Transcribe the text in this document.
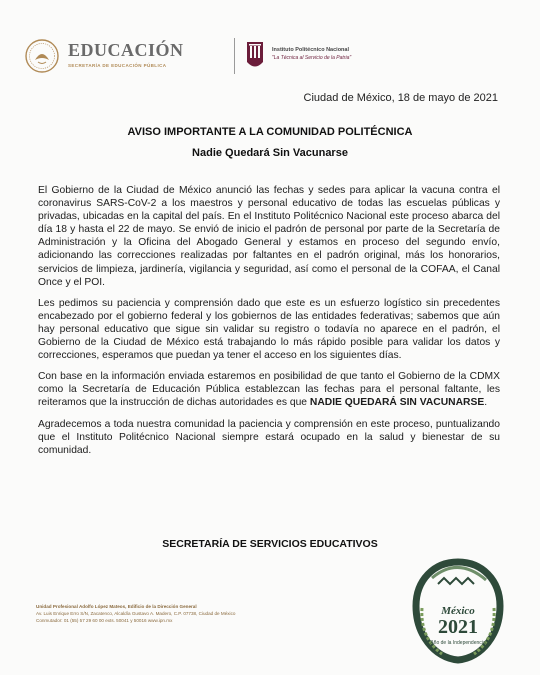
EDUCACIÓN
SECRETARÍA DE EDUCACIÓN PÚBLICA
Instituto Politécnico Nacional
"La Técnica al Servicio de la Patria"
Ciudad de México, 18 de mayo de 2021
AVISO IMPORTANTE A LA COMUNIDAD POLITÉCNICA
Nadie Quedará Sin Vacunarse

El Gobierno de la Ciudad de México anunció las fechas y sedes para aplicar la vacuna contra el coronavirus SARS-CoV-2 a los maestros y personal educativo de todas las escuelas públicas y privadas, ubicadas en la capital del país. En el Instituto Politécnico Nacional este proceso abarca del día 18 y hasta el 22 de mayo. Se envió de inicio el padrón de personal por parte de la Secretaría de Administración y la Oficina del Abogado General y estamos en proceso del segundo envío, adicionando las correcciones realizadas por faltantes en el padrón original, más los honorarios, servicios de limpieza, jardinería, vigilancia y seguridad, así como el personal de la COFAA, el Canal Once y el POI.

Les pedimos su paciencia y comprensión dado que este es un esfuerzo logístico sin precedentes encabezado por el gobierno federal y los gobiernos de las entidades federativas; sabemos que aún hay personal educativo que sigue sin validar su registro o todavía no aparece en el padrón, el Gobierno de la Ciudad de México está trabajando lo más rápido posible para validar los datos y correcciones, esperamos que puedan ya tener el acceso en los siguientes días.

Con base en la información enviada estaremos en posibilidad de que tanto el Gobierno de la CDMX como la Secretaría de Educación Pública establezcan las fechas para el personal faltante, les reiteramos que la instrucción de dichas autoridades es que NADIE QUEDARÁ SIN VACUNARSE.

Agradecemos a toda nuestra comunidad la paciencia y comprensión en este proceso, puntualizando que el Instituto Politécnico Nacional siempre estará ocupado en la salud y bienestar de su comunidad.

SECRETARÍA DE SERVICIOS EDUCATIVOS
Unidad Profesional Adolfo López Mateos, Edificio de la Dirección General
Av. Luis Enrique Erro S/N, Zacatenco, Alcaldía Gustavo A. Madero, C.P. 07738, Ciudad de México
Conmutador: 01 (55) 57 29 60 00 exts. 50041 y 50016 www.ipn.mx
México
2021
Año de la Independencia
